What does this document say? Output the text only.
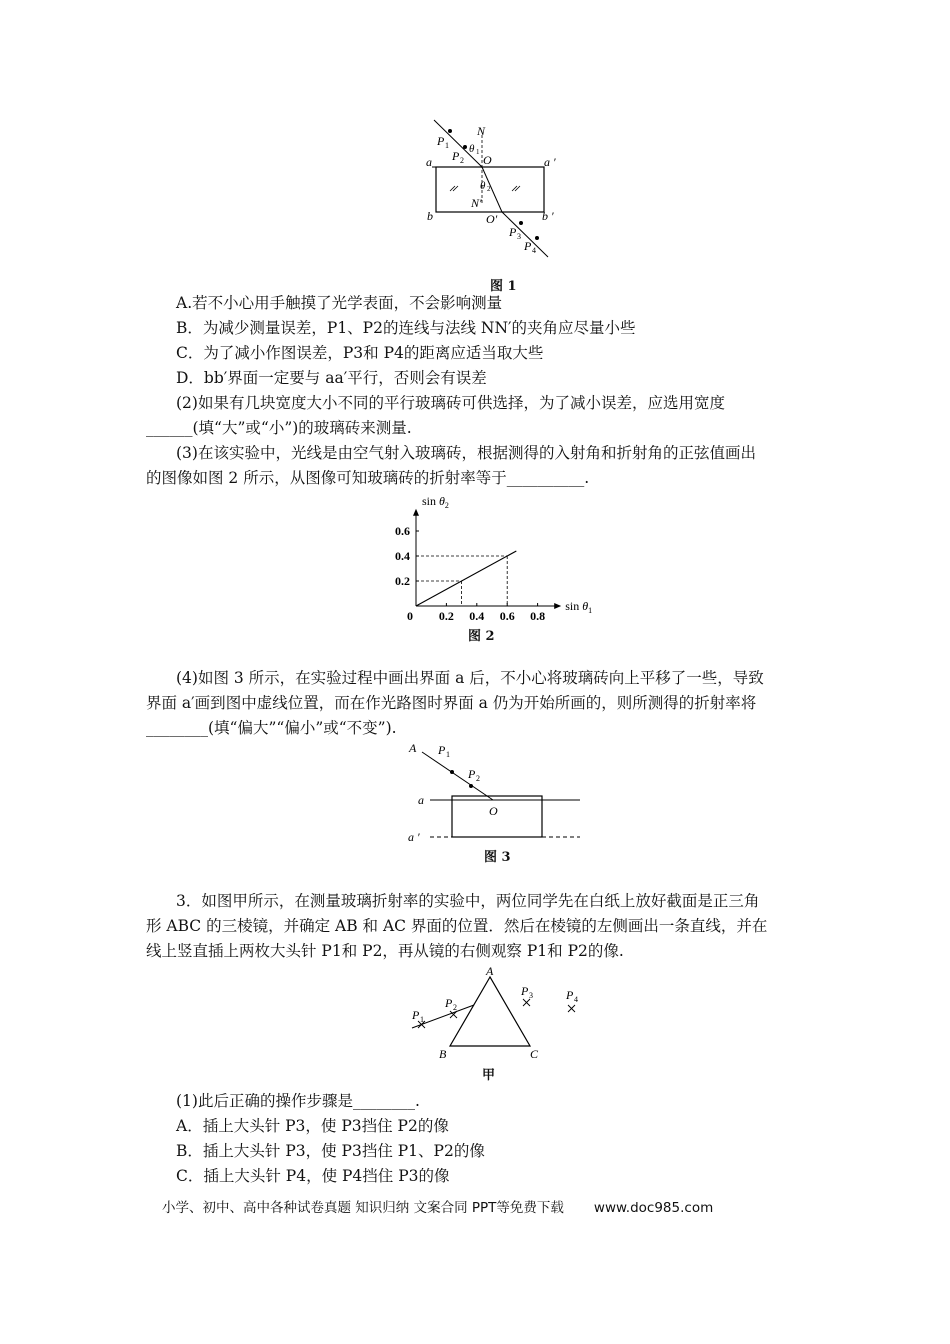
P 1
P 2
N
θ 1
O
a	a ′
θ 2
N′
b	O′	b ′
P 3
P 4
图 1
A.若不小心用手触摸了光学表面，不会影响测量
B．为减少测量误差，P1、P2的连线与法线 NN′的夹角应尽量小些
C．为了减小作图误差，P3和 P4的距离应适当取大些
D．bb′界面一定要与 aa′平行，否则会有误差
(2)如果有几块宽度大小不同的平行玻璃砖可供选择，为了减小误差，应选用宽度
______(填“大”或“小”)的玻璃砖来测量.
(3)在该实验中，光线是由空气射入玻璃砖，根据测得的入射角和折射角的正弦值画出
的图像如图 2 所示，从图像可知玻璃砖的折射率等于__________.
0 0.2 0.4 0.6 0.8
0.2
0.4
0.6
$\sin \theta_2$
$\sin \theta_1$
图 2
(4)如图 3 所示，在实验过程中画出界面 a 后，不小心将玻璃砖向上平移了一些，导致
界面 a′画到图中虚线位置，而在作光路图时界面 a 仍为开始所画的，则所测得的折射率将
________(填“偏大”“偏小”或“不变”).
A P 1
P 2
a
O
a ′
图 3
3．如图甲所示，在测量玻璃折射率的实验中，两位同学先在白纸上放好截面是正三角
形 ABC 的三棱镜，并确定 AB 和 AC 界面的位置．然后在棱镜的左侧画出一条直线，并在
线上竖直插上两枚大头针 P1和 P2，再从镜的右侧观察 P1和 P2的像.
A
B	C
P 1
P 2
P 3	P 4
甲
(1)此后正确的操作步骤是________.
A．插上大头针 P3，使 P3挡住 P2的像
B．插上大头针 P3，使 P3挡住 P1、P2的像
C．插上大头针 P4，使 P4挡住 P3的像
小学、初中、高中各种试卷真题 知识归纳 文案合同 PPT等免费下载 www.doc985.com
